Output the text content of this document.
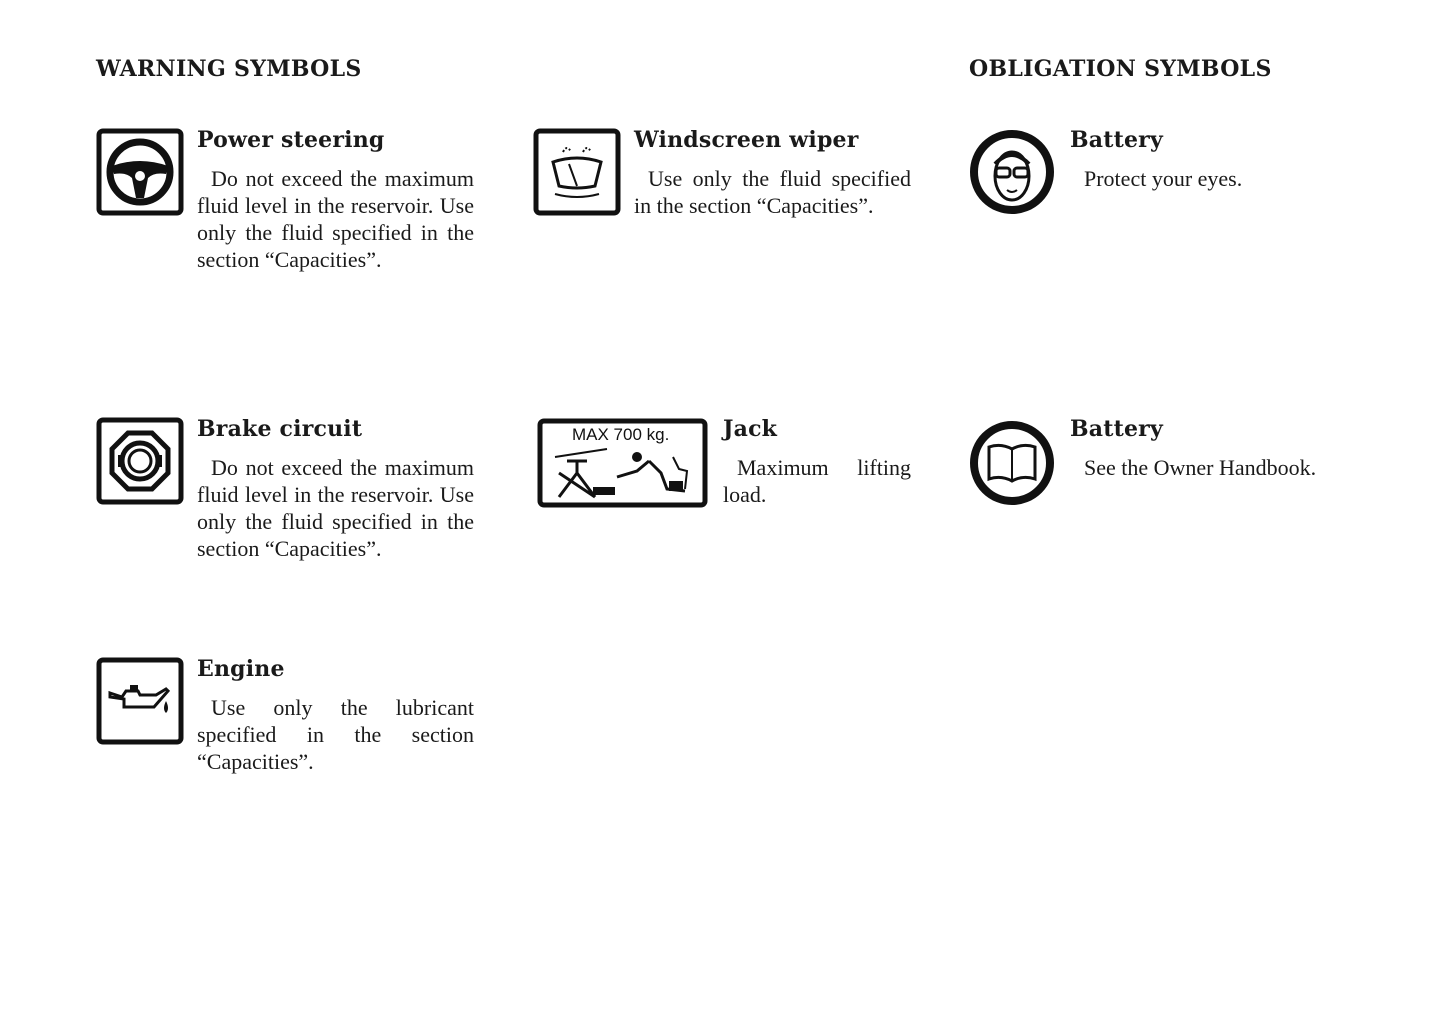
WARNING SYMBOLS	OBLIGATION SYMBOLS
Power steering

Do not exceed the maximum fluid level in the reservoir. Use only the fluid specified in the section “Capacities”.

Brake circuit

Do not exceed the maximum fluid level in the reservoir. Use only the fluid specified in the section “Capacities”.

Engine

Use only the lubricant specified in the section “Capacities”.

Windscreen wiper

Use only the fluid specified in the section “Capacities”.

MAX 700 kg. Jack

Maximum lifting load.

Battery

Protect your eyes.

Battery

See the Owner Handbook.
